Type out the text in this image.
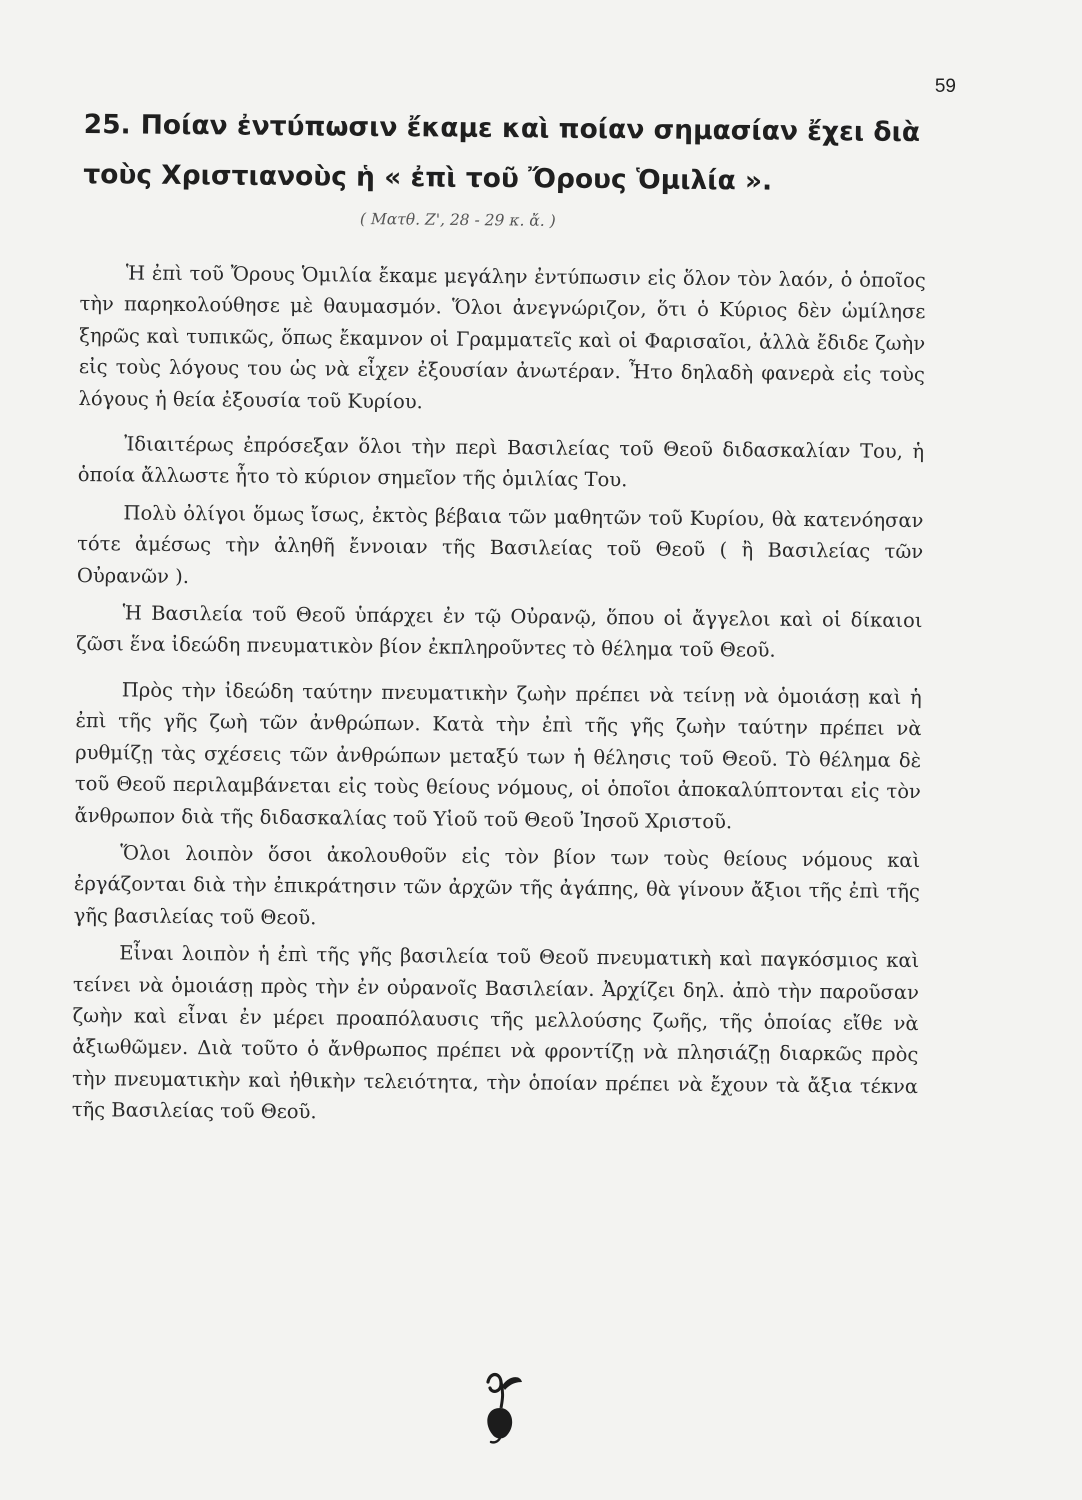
59
25. Ποίαν ἐντύπωσιν ἔκαμε καὶ ποίαν σημασίαν ἔχει διὰ τοὺς Χριστιανοὺς ἡ « ἐπὶ τοῦ Ὄρους Ὁμιλία ».
( Ματθ. Ζ', 28 - 29 κ. ἄ. )

Ἡ ἐπὶ τοῦ Ὄρους Ὁμιλία ἔκαμε μεγάλην ἐντύπωσιν εἰς ὅλον τὸν λαόν, ὁ ὁποῖος τὴν παρηκολούθησε μὲ θαυμασμόν. Ὅλοι ἀνεγνώριζον, ὅτι ὁ Κύριος δὲν ὡμίλησε ξηρῶς καὶ τυπικῶς, ὅπως ἔκαμνον οἱ Γραμματεῖς καὶ οἱ Φαρισαῖοι, ἀλλὰ ἔδιδε ζωὴν εἰς τοὺς λόγους του ὡς νὰ εἶχεν ἐξουσίαν ἀνωτέραν. Ἦτο δηλαδὴ φανερὰ εἰς τοὺς λόγους ἡ θεία ἐξουσία τοῦ Κυρίου.

Ἰδιαιτέρως ἐπρόσεξαν ὅλοι τὴν περὶ Βασιλείας τοῦ Θεοῦ διδασκαλίαν Του, ἡ ὁποία ἄλλωστε ἦτο τὸ κύριον σημεῖον τῆς ὁμιλίας Του.

Πολὺ ὀλίγοι ὅμως ἴσως, ἐκτὸς βέβαια τῶν μαθητῶν τοῦ Κυρίου, θὰ κατενόησαν τότε ἀμέσως τὴν ἀληθῆ ἔννοιαν τῆς Βασιλείας τοῦ Θεοῦ ( ἢ Βασιλείας τῶν Οὐρανῶν ).

Ἡ Βασιλεία τοῦ Θεοῦ ὑπάρχει ἐν τῷ Οὐρανῷ, ὅπου οἱ ἄγγελοι καὶ οἱ δίκαιοι ζῶσι ἕνα ἰδεώδη πνευματικὸν βίον ἐκπληροῦντες τὸ θέλημα τοῦ Θεοῦ.

Πρὸς τὴν ἰδεώδη ταύτην πνευματικὴν ζωὴν πρέπει νὰ τείνῃ νὰ ὁμοιάσῃ καὶ ἡ ἐπὶ τῆς γῆς ζωὴ τῶν ἀνθρώπων. Κατὰ τὴν ἐπὶ τῆς γῆς ζωὴν ταύτην πρέπει νὰ ρυθμίζῃ τὰς σχέσεις τῶν ἀνθρώπων μεταξύ των ἡ θέλησις τοῦ Θεοῦ. Τὸ θέλημα δὲ τοῦ Θεοῦ περιλαμβάνεται εἰς τοὺς θείους νόμους, οἱ ὁποῖοι ἀποκαλύπτονται εἰς τὸν ἄνθρωπον διὰ τῆς διδασκαλίας τοῦ Υἱοῦ τοῦ Θεοῦ Ἰησοῦ Χριστοῦ.

Ὅλοι λοιπὸν ὅσοι ἀκολουθοῦν εἰς τὸν βίον των τοὺς θείους νόμους καὶ ἐργάζονται διὰ τὴν ἐπικράτησιν τῶν ἀρχῶν τῆς ἀγάπης, θὰ γίνουν ἄξιοι τῆς ἐπὶ τῆς γῆς βασιλείας τοῦ Θεοῦ.

Εἶναι λοιπὸν ἡ ἐπὶ τῆς γῆς βασιλεία τοῦ Θεοῦ πνευματικὴ καὶ παγκόσμιος καὶ τείνει νὰ ὁμοιάσῃ πρὸς τὴν ἐν οὐρανοῖς Βασιλείαν. Ἀρχίζει δηλ. ἀπὸ τὴν παροῦσαν ζωὴν καὶ εἶναι ἐν μέρει προαπόλαυσις τῆς μελλούσης ζωῆς, τῆς ὁποίας εἴθε νὰ ἀξιωθῶμεν. Διὰ τοῦτο ὁ ἄνθρωπος πρέπει νὰ φροντίζῃ νὰ πλησιάζῃ διαρκῶς πρὸς τὴν πνευματικὴν καὶ ἠθικὴν τελειότητα, τὴν ὁποίαν πρέπει νὰ ἔχουν τὰ ἄξια τέκνα τῆς Βασιλείας τοῦ Θεοῦ.
